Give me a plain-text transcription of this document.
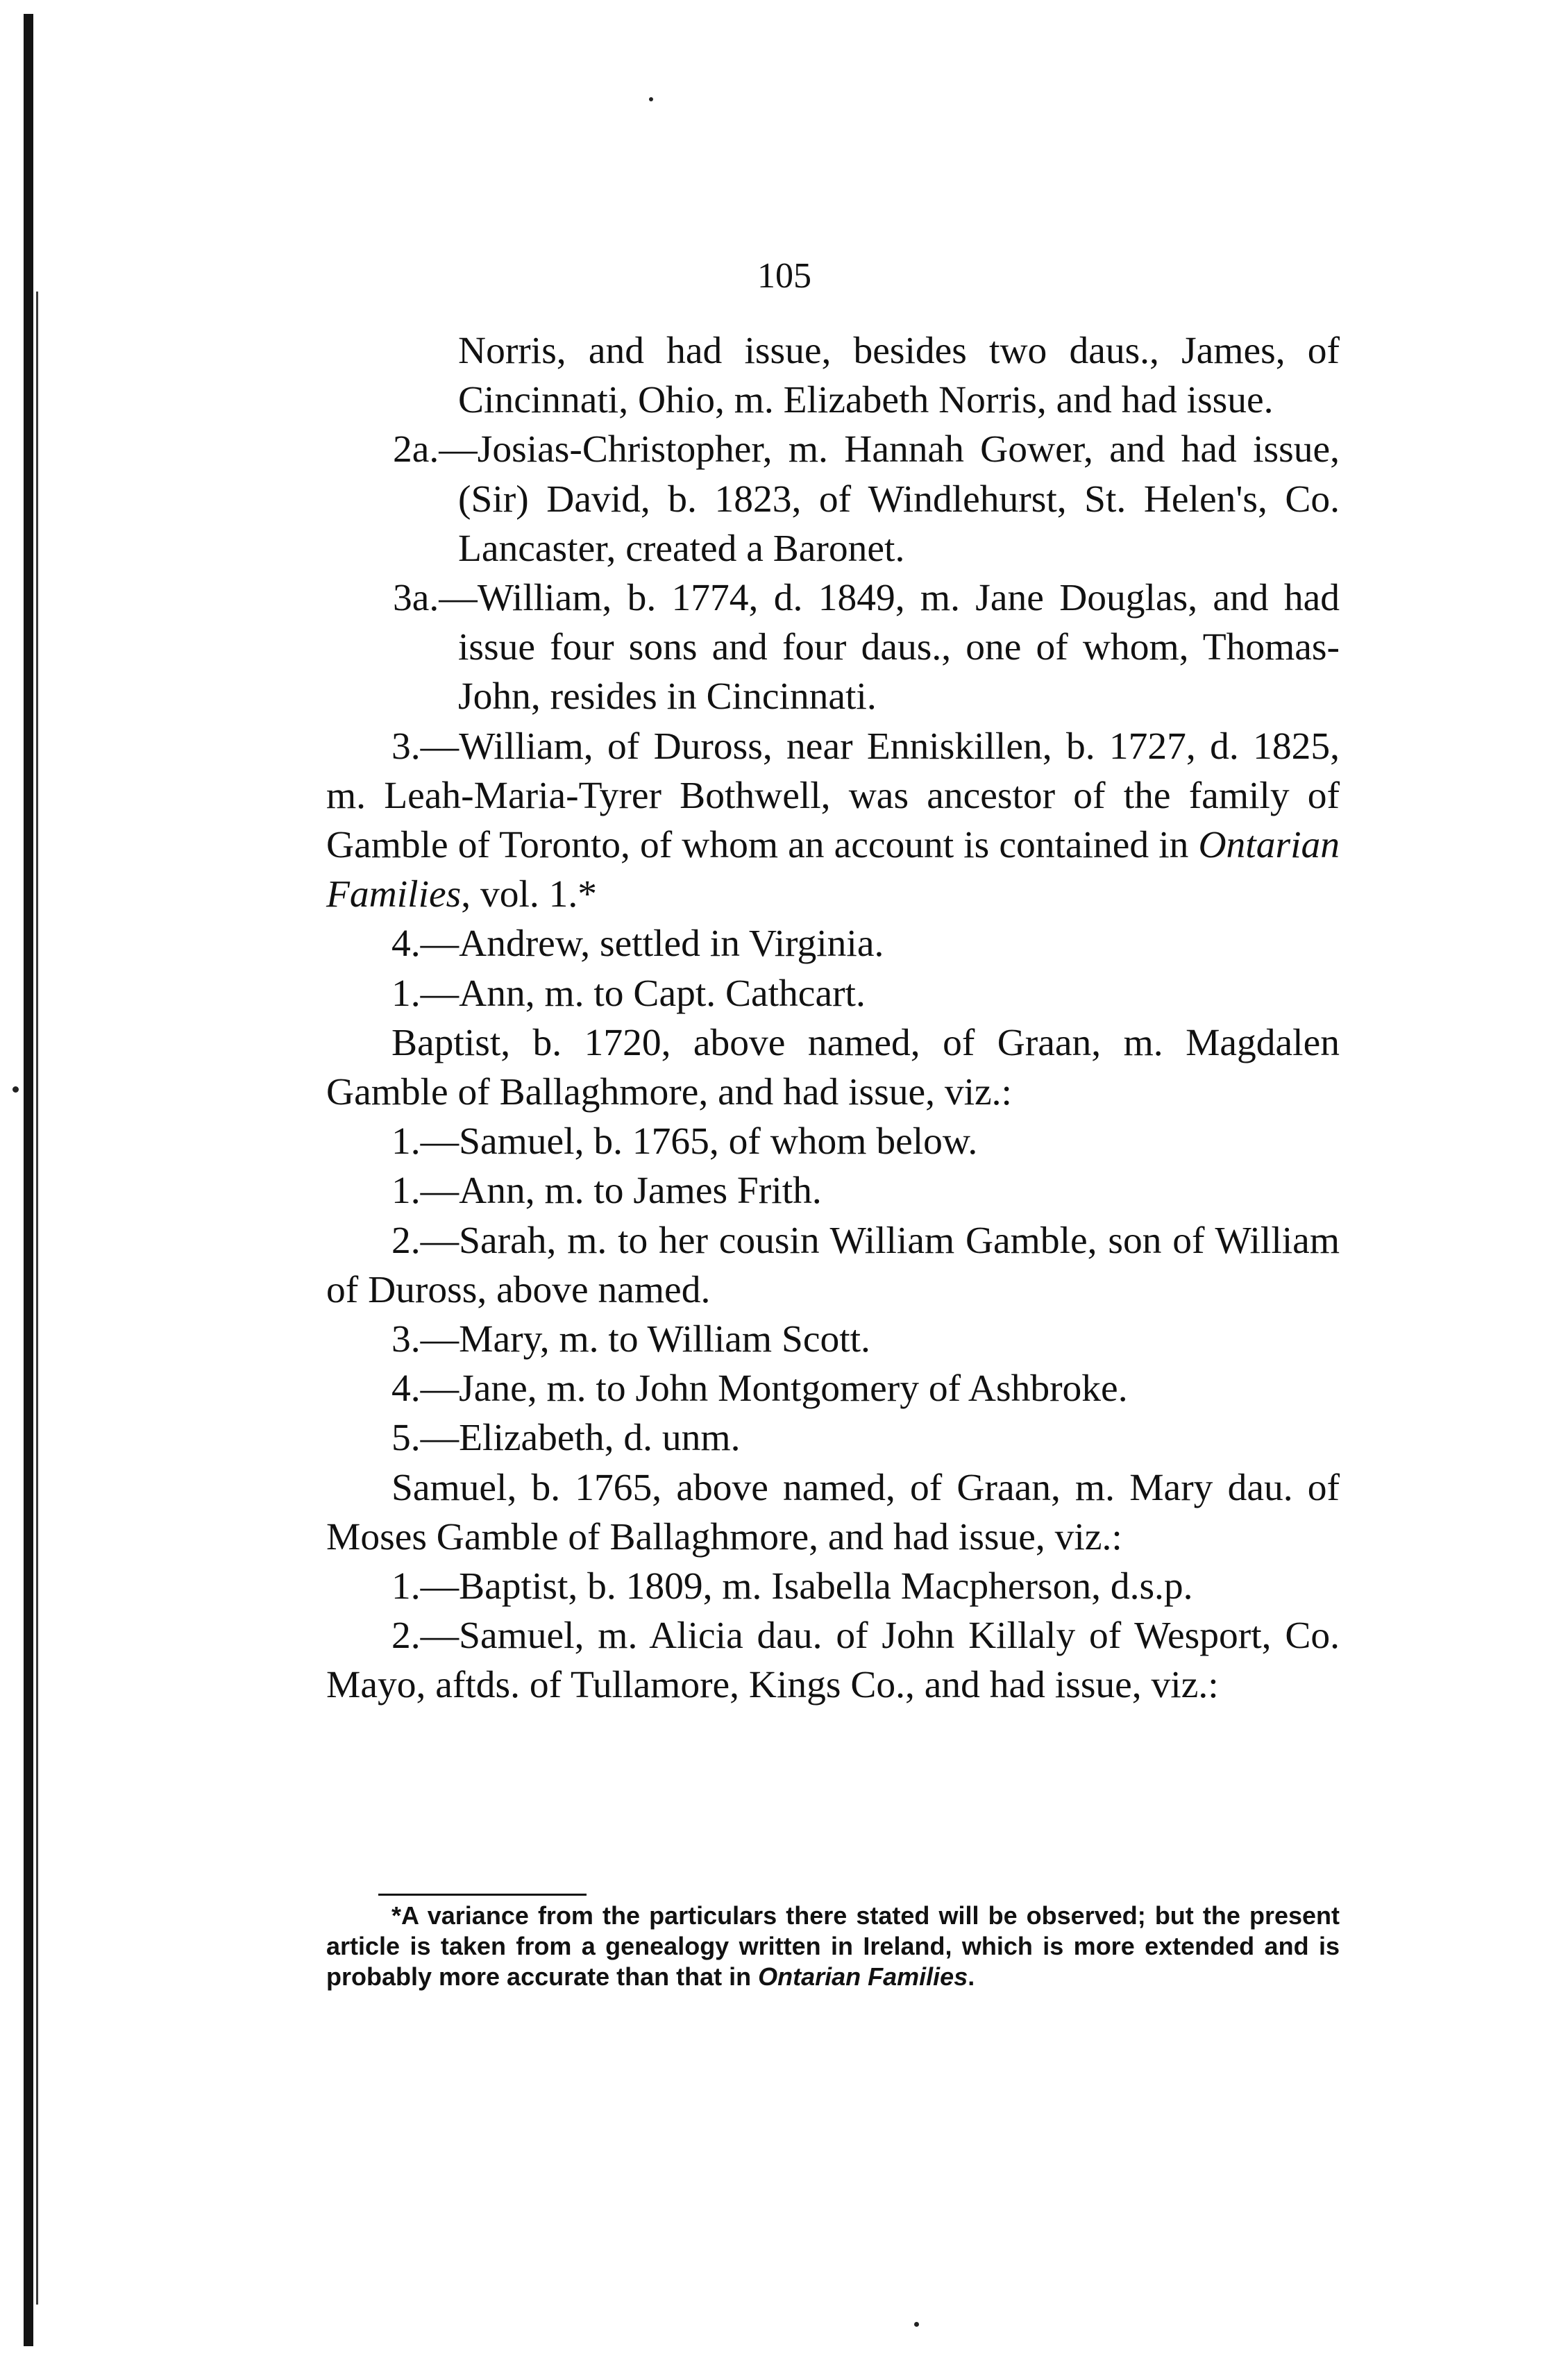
105

Norris, and had issue, besides two daus., James, of Cincinnati, Ohio, m. Elizabeth Norris, and had issue.

2a.—Josias-Christopher, m. Hannah Gower, and had issue, (Sir) David, b. 1823, of Windlehurst, St. Helen's, Co. Lancaster, created a Baronet.

3a.—William, b. 1774, d. 1849, m. Jane Douglas, and had issue four sons and four daus., one of whom, Thomas-John, resides in Cincinnati.

3.—William, of Duross, near Enniskillen, b. 1727, d. 1825, m. Leah-Maria-Tyrer Bothwell, was ancestor of the family of Gamble of Toronto, of whom an account is contained in Ontarian Families, vol. 1.*

4.—Andrew, settled in Virginia.

1.—Ann, m. to Capt. Cathcart.

Baptist, b. 1720, above named, of Graan, m. Magdalen Gamble of Ballaghmore, and had issue, viz.:

1.—Samuel, b. 1765, of whom below.

1.—Ann, m. to James Frith.

2.—Sarah, m. to her cousin William Gamble, son of William of Duross, above named.

3.—Mary, m. to William Scott.

4.—Jane, m. to John Montgomery of Ashbroke.

5.—Elizabeth, d. unm.

Samuel, b. 1765, above named, of Graan, m. Mary dau. of Moses Gamble of Ballaghmore, and had issue, viz.:

1.—Baptist, b. 1809, m. Isabella Macpherson, d.s.p.

2.—Samuel, m. Alicia dau. of John Killaly of Wesport, Co. Mayo, aftds. of Tullamore, Kings Co., and had issue, viz.:

*A variance from the particulars there stated will be observed; but the present article is taken from a genealogy written in Ireland, which is more extended and is probably more accurate than that in Ontarian Families.
